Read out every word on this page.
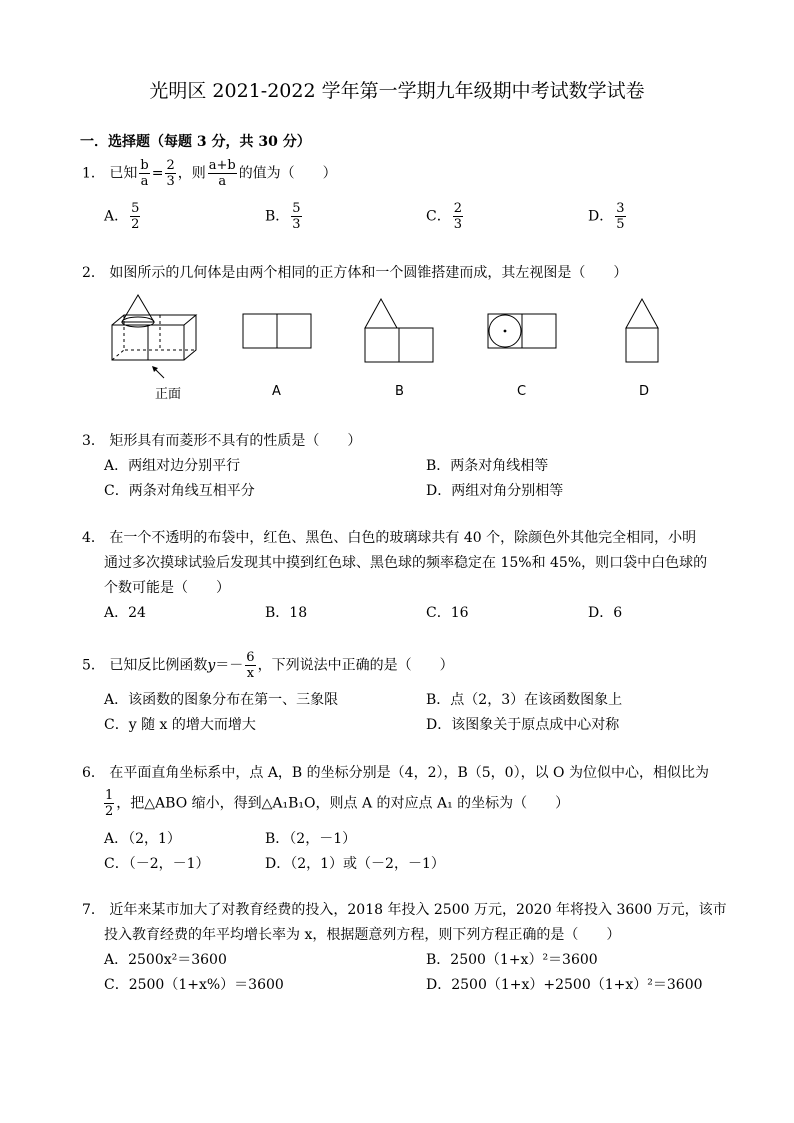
光明区 2021-2022 学年第一学期九年级期中考试数学试卷
一．选择题（每题 3 分，共 30 分）
1． 已知 $\frac{b}{a} = \frac{2}{3}$ ，则 $\frac{a+b}{a}$ 的值为（　　）
A． $\frac{5}{2}$	B． $\frac{5}{3}$	C． $\frac{2}{3}$	D． $\frac{3}{5}$
2． 如图所示的几何体是由两个相同的正方体和一个圆锥搭建而成，其左视图是（　　）
正面	A	B	C	D
3． 矩形具有而菱形不具有的性质是（　　）
A．两组对边分别平行	B．两条对角线相等
C．两条对角线互相平分	D．两组对角分别相等
4． 在一个不透明的布袋中，红色、黑色、白色的玻璃球共有 40 个，除颜色外其他完全相同，小明
通过多次摸球试验后发现其中摸到红色球、黑色球的频率稳定在 15%和 45%，则口袋中白色球的
个数可能是（　　）
A．24	B．18	C．16	D．6
5． 已知反比例函数$y=- \frac{6}{x}$ ，下列说法中正确的是（　　）
A．该函数的图象分布在第一、三象限	B．点（2，3）在该函数图象上
C．y 随 x 的增大而增大	D．该图象关于原点成中心对称
6． 在平面直角坐标系中，点 A，B 的坐标分别是（4，2），B（5，0），以 O 为位似中心，相似比为
$\frac{1}{2}$ ，把△ABO 缩小，得到△A₁B₁O，则点 A 的对应点 A₁ 的坐标为（　　）
A．（2，1）	B．（2，－1）
C．（－2，－1）	D．（2，1）或（－2，－1）
7． 近年来某市加大了对教育经费的投入，2018 年投入 2500 万元，2020 年将投入 3600 万元，该市
投入教育经费的年平均增长率为 x，根据题意列方程，则下列方程正确的是（　　）
A．2500x²＝3600	B．2500（1+x）²＝3600
C．2500（1+x%）＝3600	D．2500（1+x）+2500（1+x）²＝3600
